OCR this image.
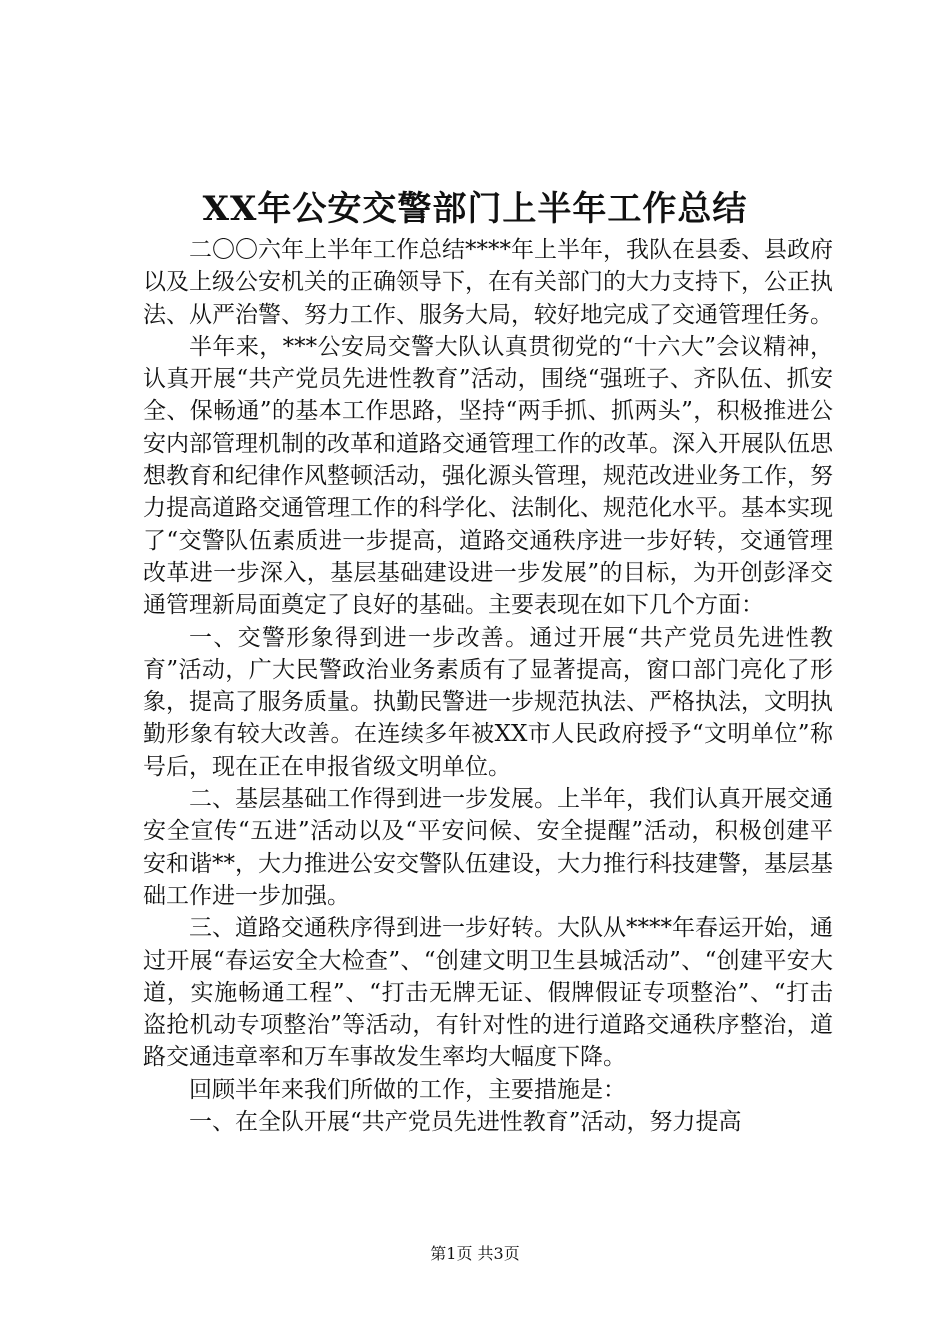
XX年公安交警部门上半年工作总结

二〇〇六年上半年工作总结****年上半年，我队在县委、县政府以及上级公安机关的正确领导下，在有关部门的大力支持下，公正执法、从严治警、努力工作、服务大局，较好地完成了交通管理任务。

半年来，***公安局交警大队认真贯彻党的“十六大”会议精神，认真开展“共产党员先进性教育”活动，围绕“强班子、齐队伍、抓安全、保畅通”的基本工作思路，坚持“两手抓、抓两头”，积极推进公安内部管理机制的改革和道路交通管理工作的改革。深入开展队伍思想教育和纪律作风整顿活动，强化源头管理，规范改进业务工作，努力提高道路交通管理工作的科学化、法制化、规范化水平。基本实现了“交警队伍素质进一步提高，道路交通秩序进一步好转，交通管理改革进一步深入，基层基础建设进一步发展”的目标，为开创彭泽交通管理新局面奠定了良好的基础。主要表现在如下几个方面：

一、交警形象得到进一步改善。通过开展“共产党员先进性教育”活动，广大民警政治业务素质有了显著提高，窗口部门亮化了形象，提高了服务质量。执勤民警进一步规范执法、严格执法，文明执勤形象有较大改善。在连续多年被XX市人民政府授予“文明单位”称号后，现在正在申报省级文明单位。

二、基层基础工作得到进一步发展。上半年，我们认真开展交通安全宣传“五进”活动以及“平安问候、安全提醒”活动，积极创建平安和谐**，大力推进公安交警队伍建设，大力推行科技建警，基层基础工作进一步加强。

三、道路交通秩序得到进一步好转。大队从****年春运开始，通过开展“春运安全大检查”、“创建文明卫生县城活动”、“创建平安大道，实施畅通工程”、“打击无牌无证、假牌假证专项整治”、“打击盗抢机动专项整治”等活动，有针对性的进行道路交通秩序整治，道路交通违章率和万车事故发生率均大幅度下降。

回顾半年来我们所做的工作，主要措施是：

一、在全队开展“共产党员先进性教育”活动，努力提高

第1页 共3页
